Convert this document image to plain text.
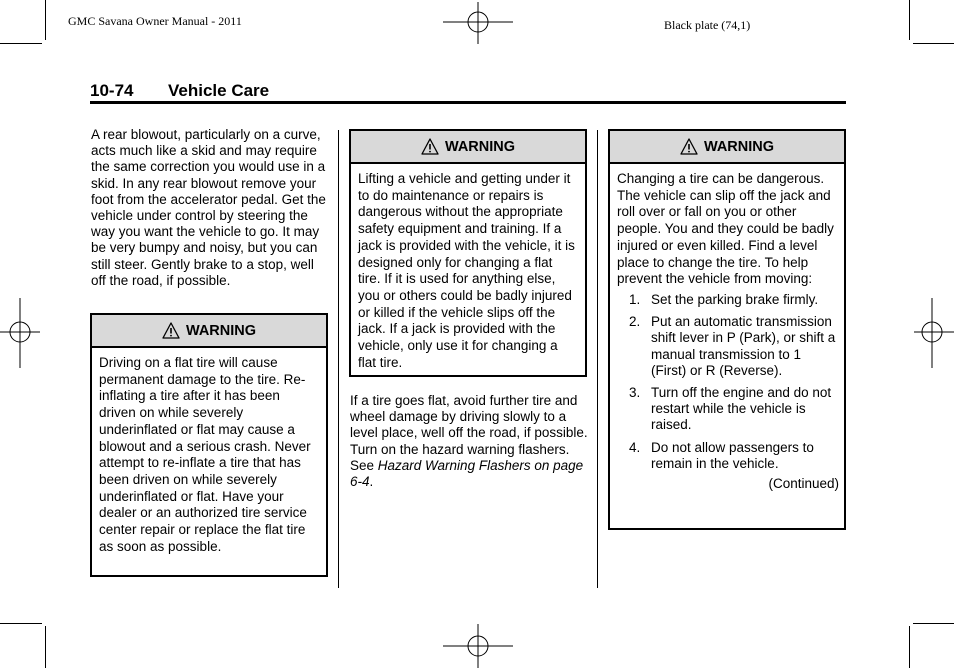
GMC Savana Owner Manual - 2011	Black plate (74,1)
10-74 Vehicle Care
A rear blowout, particularly on a curve, acts much like a skid and may require the same correction you would use in a skid. In any rear blowout remove your foot from the accelerator pedal. Get the vehicle under control by steering the way you want the vehicle to go. It may be very bumpy and noisy, but you can still steer. Gently brake to a stop, well off the road, if possible.
WARNING
Driving on a flat tire will cause permanent damage to the tire. Re-inflating a tire after it has been driven on while severely underinflated or flat may cause a blowout and a serious crash. Never attempt to re-inflate a tire that has been driven on while severely underinflated or flat. Have your dealer or an authorized tire service center repair or replace the flat tire as soon as possible.
WARNING
Lifting a vehicle and getting under it to do maintenance or repairs is dangerous without the appropriate safety equipment and training. If a jack is provided with the vehicle, it is designed only for changing a flat tire. If it is used for anything else, you or others could be badly injured or killed if the vehicle slips off the jack. If a jack is provided with the vehicle, only use it for changing a flat tire.
If a tire goes flat, avoid further tire and wheel damage by driving slowly to a level place, well off the road, if possible. Turn on the hazard warning flashers. See Hazard Warning Flashers on page 6-4.
WARNING
Changing a tire can be dangerous. The vehicle can slip off the jack and roll over or fall on you or other people. You and they could be badly injured or even killed. Find a level place to change the tire. To help prevent the vehicle from moving:
1. Set the parking brake firmly.
2. Put an automatic transmission shift lever in P (Park), or shift a manual transmission to 1 (First) or R (Reverse).
3. Turn off the engine and do not restart while the vehicle is raised.
4. Do not allow passengers to remain in the vehicle.
(Continued)
